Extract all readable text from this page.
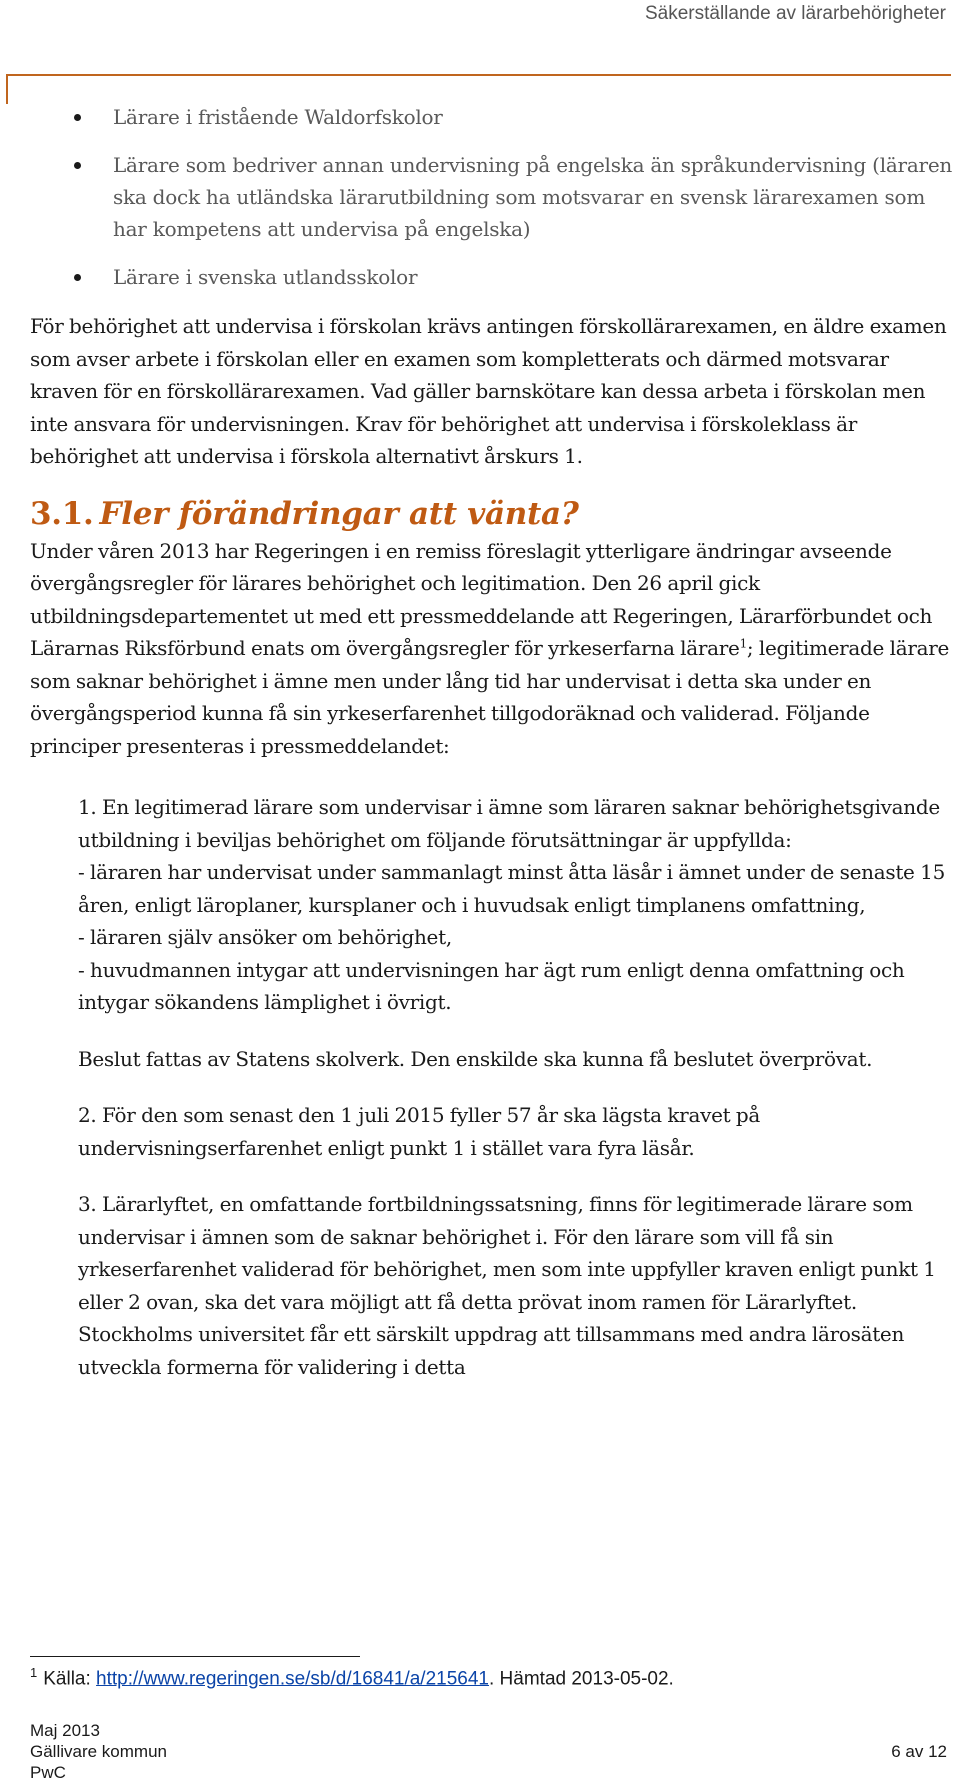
Säkerställande av lärarbehörigheter
Lärare i fristående Waldorfskolor
Lärare som bedriver annan undervisning på engelska än språkundervisning (läraren ska dock ha utländska lärarutbildning som motsvarar en svensk lärarexamen som har kompetens att undervisa på engelska)
Lärare i svenska utlandsskolor

För behörighet att undervisa i förskolan krävs antingen förskollärarexamen, en äldre examen som avser arbete i förskolan eller en examen som kompletterats och därmed motsvarar kraven för en förskollärarexamen. Vad gäller barnskötare kan dessa arbeta i förskolan men inte ansvara för undervisningen. Krav för behörighet att undervisa i förskoleklass är behörighet att undervisa i förskola alternativt årskurs 1.

3.1. Fler förändringar att vänta?

Under våren 2013 har Regeringen i en remiss föreslagit ytterligare ändringar avseende övergångsregler för lärares behörighet och legitimation. Den 26 april gick utbildningsdepartementet ut med ett pressmeddelande att Regeringen, Lärarförbundet och Lärarnas Riksförbund enats om övergångsregler för yrkeserfarna lärare$^1$; legitimerade lärare som saknar behörighet i ämne men under lång tid har undervisat i detta ska under en övergångsperiod kunna få sin yrkeserfarenhet tillgodoräknad och validerad. Följande principer presenteras i pressmeddelandet:

1. En legitimerad lärare som undervisar i ämne som läraren saknar behörighetsgivande utbildning i beviljas behörighet om följande förutsättningar är uppfyllda:

- läraren har undervisat under sammanlagt minst åtta läsår i ämnet under de senaste 15 åren, enligt läroplaner, kursplaner och i huvudsak enligt timplanens omfattning,

- läraren själv ansöker om behörighet,

- huvudmannen intygar att undervisningen har ägt rum enligt denna omfattning och intygar sökandens lämplighet i övrigt.

Beslut fattas av Statens skolverk. Den enskilde ska kunna få beslutet överprövat.

2. För den som senast den 1 juli 2015 fyller 57 år ska lägsta kravet på undervisningserfarenhet enligt punkt 1 i stället vara fyra läsår.

3. Lärarlyftet, en omfattande fortbildningssatsning, finns för legitimerade lärare som undervisar i ämnen som de saknar behörighet i. För den lärare som vill få sin yrkeserfarenhet validerad för behörighet, men som inte uppfyller kraven enligt punkt 1 eller 2 ovan, ska det vara möjligt att få detta prövat inom ramen för Lärarlyftet. Stockholms universitet får ett särskilt uppdrag att tillsammans med andra lärosäten utveckla formerna för validering i detta

$^1$ Källa: http://www.regeringen.se/sb/d/16841/a/215641. Hämtad 2013-05-02.
Maj 2013
Gällivare kommun
PwC
6 av 12
